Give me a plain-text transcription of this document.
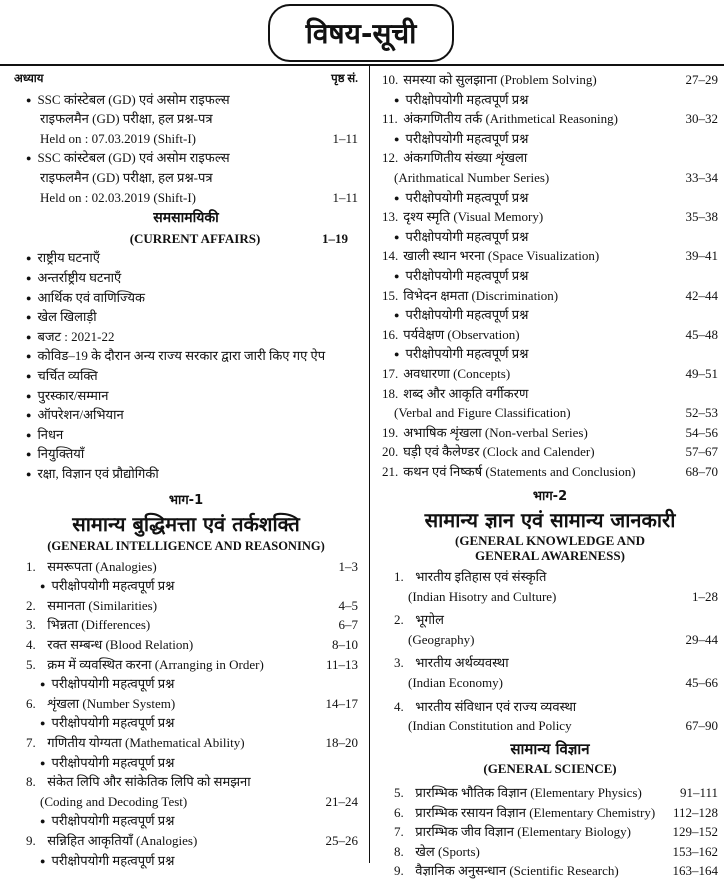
विषय-सूची
अध्याय	पृष्ठ सं.
● SSC कांस्टेबल (GD) एवं असोम राइफल्स
राइफलमैन (GD) परीक्षा, हल प्रश्न-पत्र
Held on : 07.03.2019 (Shift-I)	1–11
● SSC कांस्टेबल (GD) एवं असोम राइफल्स
राइफलमैन (GD) परीक्षा, हल प्रश्न-पत्र
Held on : 02.03.2019 (Shift-I)	1–11
समसामयिकी
(CURRENT AFFAIRS)	1–19
● राष्ट्रीय घटनाएँ
● अन्तर्राष्ट्रीय घटनाएँ
● आर्थिक एवं वाणिज्यिक
● खेल खिलाड़ी
● बजट : 2021-22
● कोविड–19 के दौरान अन्य राज्य सरकार द्वारा जारी किए गए ऐप
● चर्चित व्यक्ति
● पुरस्कार/सम्मान
● ऑपरेशन/अभियान
● निधन
● नियुक्तियाँ
● रक्षा, विज्ञान एवं प्रौद्योगिकी
भाग-1
सामान्य बुद्धिमत्ता एवं तर्कशक्ति
(GENERAL INTELLIGENCE AND REASONING)
1. समरूपता (Analogies)	1–3
● परीक्षोपयोगी महत्वपूर्ण प्रश्न
2. समानता (Similarities)	4–5
3. भिन्नता (Differences)	6–7
4. रक्त सम्बन्ध (Blood Relation)	8–10
5. क्रम में व्यवस्थित करना (Arranging in Order)	11–13
● परीक्षोपयोगी महत्वपूर्ण प्रश्न
6. शृंखला (Number System)	14–17
● परीक्षोपयोगी महत्वपूर्ण प्रश्न
7. गणितीय योग्यता (Mathematical Ability)	18–20
● परीक्षोपयोगी महत्वपूर्ण प्रश्न
8. संकेत लिपि और सांकेतिक लिपि को समझना
(Coding and Decoding Test)	21–24
● परीक्षोपयोगी महत्वपूर्ण प्रश्न
9. सन्निहित आकृतियाँ (Analogies)	25–26
● परीक्षोपयोगी महत्वपूर्ण प्रश्न
10. समस्या को सुलझाना (Problem Solving)	27–29
● परीक्षोपयोगी महत्वपूर्ण प्रश्न
11. अंकगणितीय तर्क (Arithmetical Reasoning)	30–32
● परीक्षोपयोगी महत्वपूर्ण प्रश्न
12. अंकगणितीय संख्या शृंखला
(Arithmatical Number Series)	33–34
● परीक्षोपयोगी महत्वपूर्ण प्रश्न
13. दृश्य स्मृति (Visual Memory)	35–38
● परीक्षोपयोगी महत्वपूर्ण प्रश्न
14. खाली स्थान भरना (Space Visualization)	39–41
● परीक्षोपयोगी महत्वपूर्ण प्रश्न
15. विभेदन क्षमता (Discrimination)	42–44
● परीक्षोपयोगी महत्वपूर्ण प्रश्न
16. पर्यवेक्षण (Observation)	45–48
● परीक्षोपयोगी महत्वपूर्ण प्रश्न
17. अवधारणा (Concepts)	49–51
18. शब्द और आकृति वर्गीकरण
(Verbal and Figure Classification)	52–53
19. अभाषिक शृंखला (Non-verbal Series)	54–56
20. घड़ी एवं कैलेण्डर (Clock and Calender)	57–67
21. कथन एवं निष्कर्ष (Statements and Conclusion)	68–70
भाग-2
सामान्य ज्ञान एवं सामान्य जानकारी
(GENERAL KNOWLEDGE AND
GENERAL AWARENESS)
1. भारतीय इतिहास एवं संस्कृति
(Indian Hisotry and Culture)	1–28
2. भूगोल
(Geography)	29–44
3. भारतीय अर्थव्यवस्था
(Indian Economy)	45–66
4. भारतीय संविधान एवं राज्य व्यवस्था
(Indian Constitution and Policy	67–90
सामान्य विज्ञान
(GENERAL SCIENCE)
5. प्रारम्भिक भौतिक विज्ञान (Elementary Physics)	91–111
6. प्रारम्भिक रसायन विज्ञान (Elementary Chemistry)	112–128
7. प्रारम्भिक जीव विज्ञान (Elementary Biology)	129–152
8. खेल (Sports)	153–162
9. वैज्ञानिक अनुसन्धान (Scientific Research)	163–164
